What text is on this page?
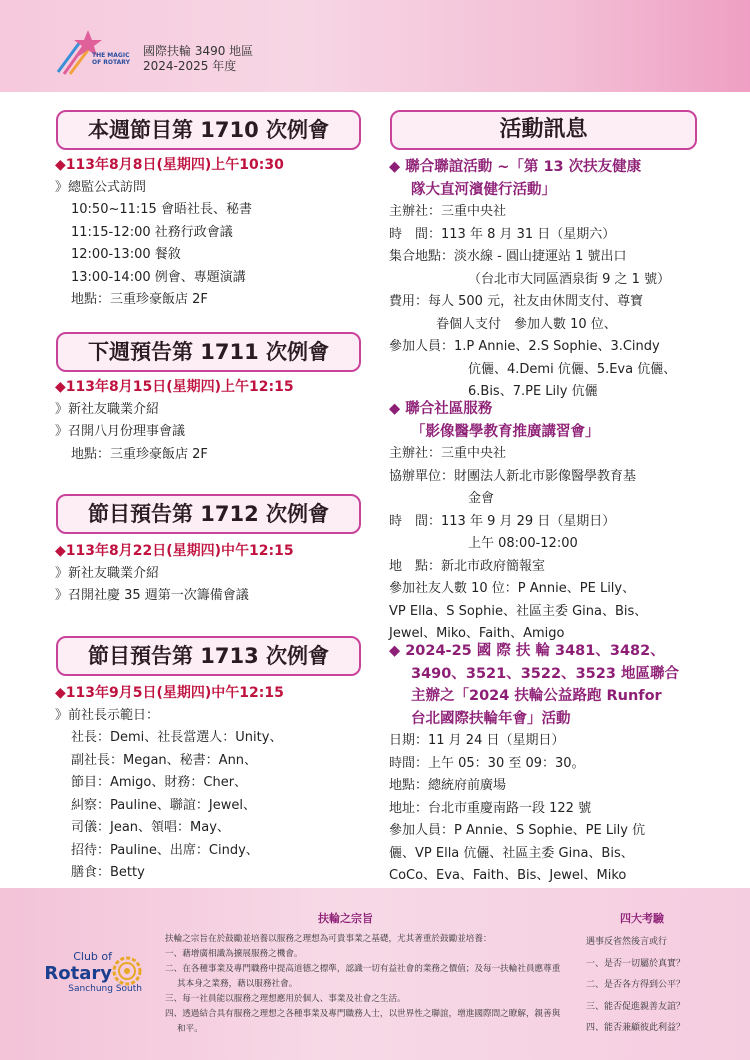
THE MAGIC OF ROTARY
國際扶輪 3490 地區
2024-2025 年度
本週節目第 1710 次例會
◆113年8月8日(星期四)上午10:30
》總監公式訪問
10:50~11:15 會晤社長、秘書
11:15-12:00 社務行政會議
12:00-13:00 餐敘
13:00-14:00 例會、專題演講
地點：三重珍豪飯店 2F
下週預告第 1711 次例會
◆113年8月15日(星期四)上午12:15
》新社友職業介紹
》召開八月份理事會議
地點：三重珍豪飯店 2F
節目預告第 1712 次例會
◆113年8月22日(星期四)中午12:15
》新社友職業介紹
》召開社慶 35 週第一次籌備會議
節目預告第 1713 次例會
◆113年9月5日(星期四)中午12:15
》前社長示範日：
社長：Demi、社長當選人：Unity、
副社長：Megan、秘書：Ann、
節目：Amigo、財務：Cher、
糾察：Pauline、聯誼：Jewel、
司儀：Jean、領唱：May、
招待：Pauline、出席：Cindy、
膳食：Betty
活動訊息
◆ 聯合聯誼活動 ~「第 13 次扶友健康
隊大直河濱健行活動」
主辦社：三重中央社
時　間：113 年 8 月 31 日（星期六）
集合地點：淡水線 - 圓山捷運站 1 號出口
（台北市大同區酒泉街 9 之 1 號）
費用：每人 500 元，社友由休閒支付、尊寶
眷個人支付　參加人數 10 位、
參加人員：1.P Annie、2.S Sophie、3.Cindy
伉儷、4.Demi 伉儷、5.Eva 伉儷、
6.Bis、7.PE Lily 伉儷
◆ 聯合社區服務
「影像醫學教育推廣講習會」
主辦社：三重中央社
協辦單位：財團法人新北市影像醫學教育基
金會
時　間：113 年 9 月 29 日（星期日）
上午 08:00-12:00
地　點：新北市政府簡報室
參加社友人數 10 位：P Annie、PE Lily、
VP Ella、S Sophie、社區主委 Gina、Bis、
Jewel、Miko、Faith、Amigo
◆ 2024-25 國 際 扶 輪 3481、3482、
3490、3521、3522、3523 地區聯合
主辦之「2024 扶輪公益路跑 Runfor
台北國際扶輪年會」活動
日期：11 月 24 日（星期日）
時間：上午 05：30 至 09：30。
地點：總統府前廣場
地址：台北市重慶南路一段 122 號
參加人員：P Annie、S Sophie、PE Lily 伉
儷、VP Ella 伉儷、社區主委 Gina、Bis、
CoCo、Eva、Faith、Bis、Jewel、Miko
Club of
Rotary
Sanchung South
扶輪之宗旨
扶輪之宗旨在於鼓勵並培養以服務之理想為可貴事業之基礎，尤其著重於鼓勵並培養：
一、藉增廣相識為擴展服務之機會。
二、在各種事業及專門職務中提高道德之標準，認識一切有益社會的業務之價值；及每一扶輪社員應尊重其本身之業務，藉以服務社會。
三、每一社員能以服務之理想應用於個人、事業及社會之生活。
四、透過結合具有服務之理想之各種事業及專門職務人士，以世界性之聯誼，增進國際間之瞭解，親善與和平。
四大考驗
遇事反省然後言或行
一、是否一切屬於真實？
二、是否各方得到公平？
三、能否促進親善友誼？
四、能否兼顧彼此利益？
